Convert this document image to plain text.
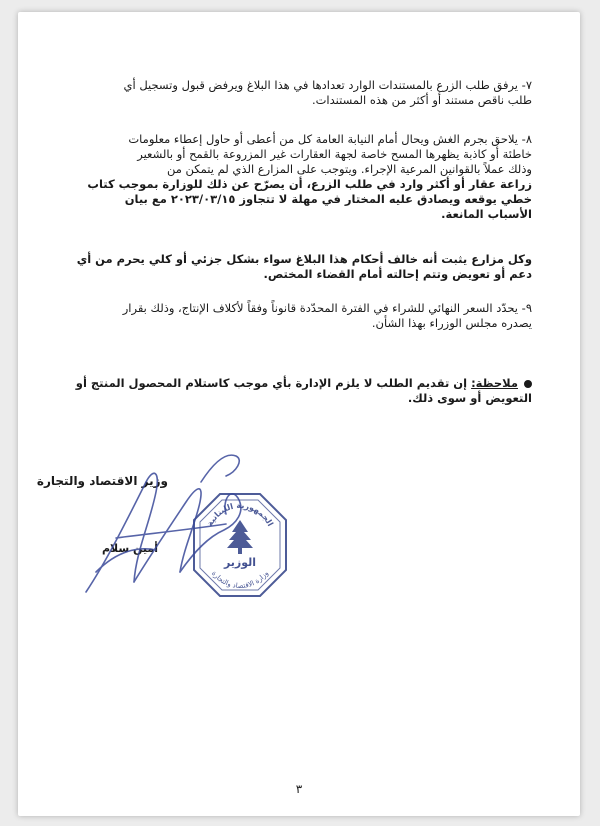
٧- يرفق طلب الزرع بالمستندات الوارد تعدادها في هذا البلاغ ويرفض قبول وتسجيل أي
طلب ناقص مستند أو أكثر من هذه المستندات.
٨- يلاحق بجرم الغش ويحال أمام النيابة العامة كل من أعطى أو حاول إعطاء معلومات
خاطئة أو كاذبة يظهرها المسح خاصة لجهة العقارات غير المزروعة بالقمح أو بالشعير
وذلك عملاً بالقوانين المرعية الإجراء. ويتوجب على المزارع الذي لم يتمكن من
زراعة عقار أو أكثر وارد في طلب الزرع، أن يصرّح عن ذلك للوزارة بموجب كتاب
خطي يوقعه ويصادق عليه المختار في مهلة لا تتجاوز ٢٠٢٣/٠٣/١٥ مع بيان
الأسباب المانعة.
وكل مزارع يثبت أنه خالف أحكام هذا البلاغ سواء بشكل جزئي أو كلي يحرم من أي
دعم أو تعويض وتتم إحالته أمام القضاء المختص.
٩- يحدّد السعر النهائي للشراء في الفترة المحدّدة قانوناً وفقاً لأكلاف الإنتاج، وذلك بقرار
يصدره مجلس الوزراء بهذا الشأن.
ملاحظة: إن تقديم الطلب لا يلزم الإدارة بأي موجب كاستلام المحصول المنتج أو
التعويض أو سوى ذلك.
الجمهورية اللبنانية
الوزير
وزارة الاقتصاد والتجارة
وزير الاقتصاد والتجارة
أمين سلام
٣
